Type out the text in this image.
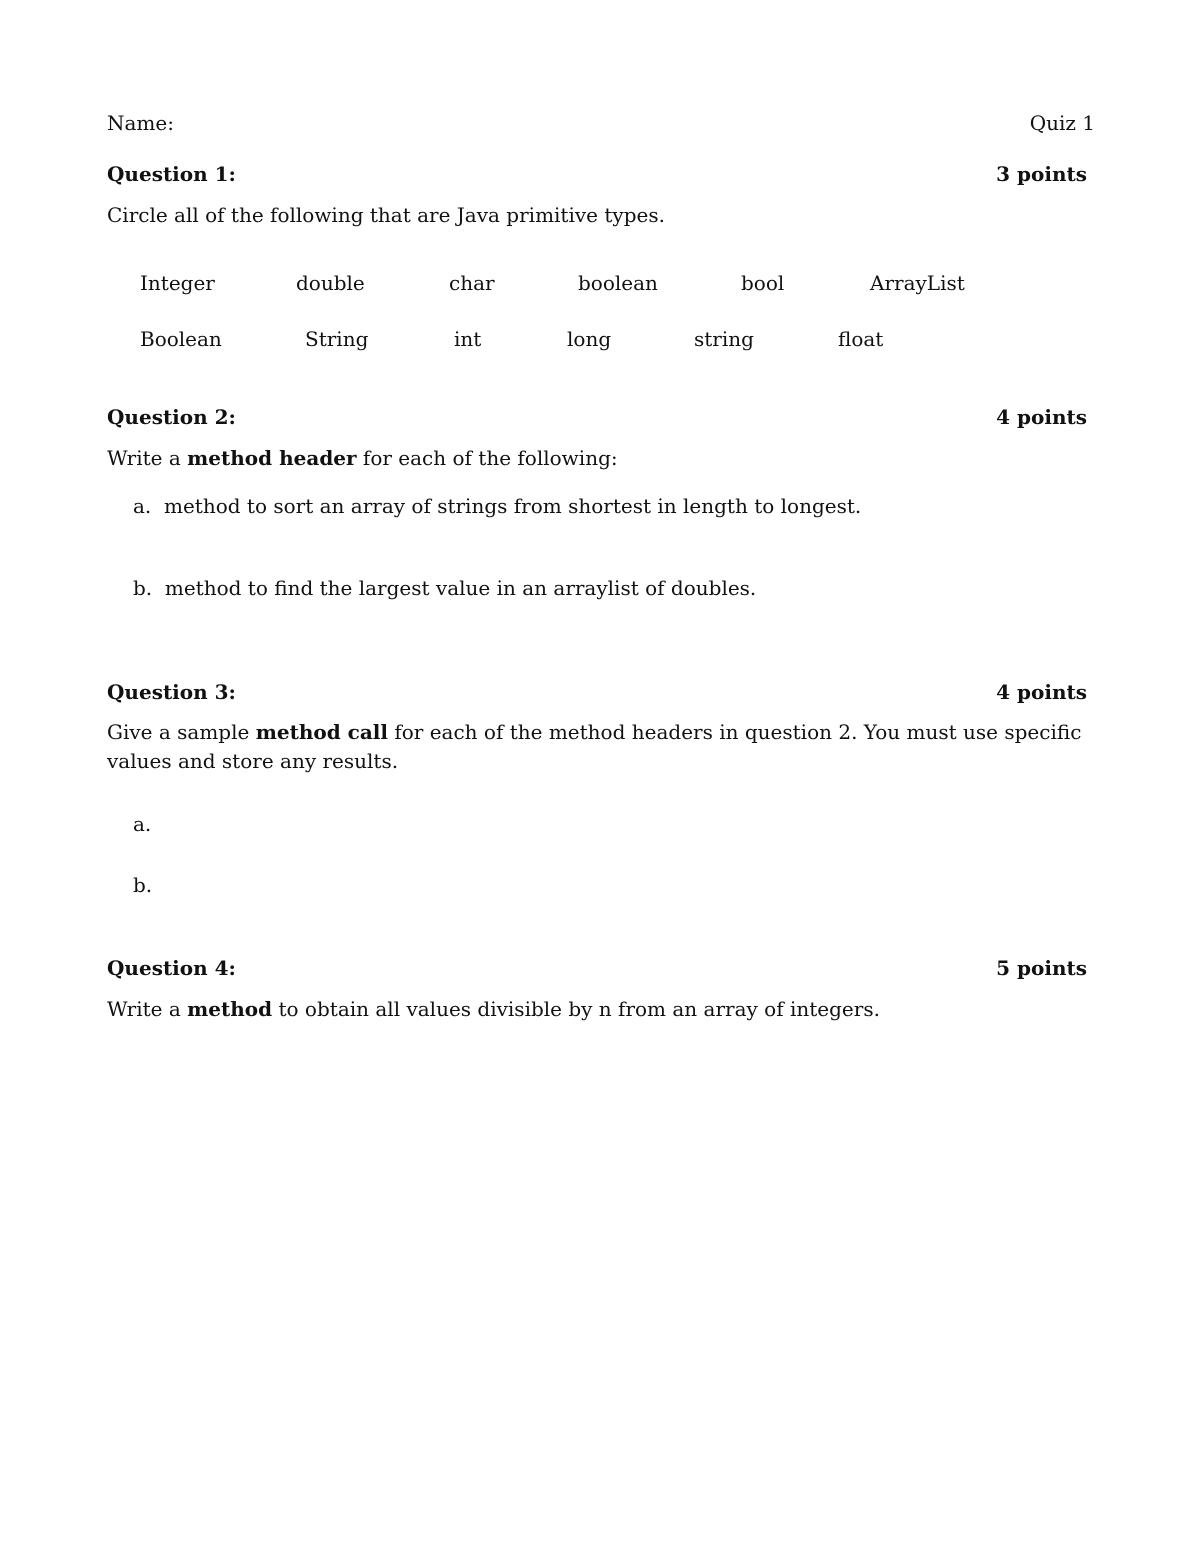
Name:	Quiz 1
Question 1:	3 points
Circle all of the following that are Java primitive types.
Integer	double	char	boolean	bool	ArrayList
Boolean	String	int	long	string	float
Question 2:	4 points
Write a method header for each of the following:
a.  method to sort an array of strings from shortest in length to longest.
b.  method to find the largest value in an arraylist of doubles.
Question 3:	4 points
Give a sample method call for each of the method headers in question 2. You must use specific values and store any results.
a.
b.
Question 4:	5 points
Write a method to obtain all values divisible by n from an array of integers.
